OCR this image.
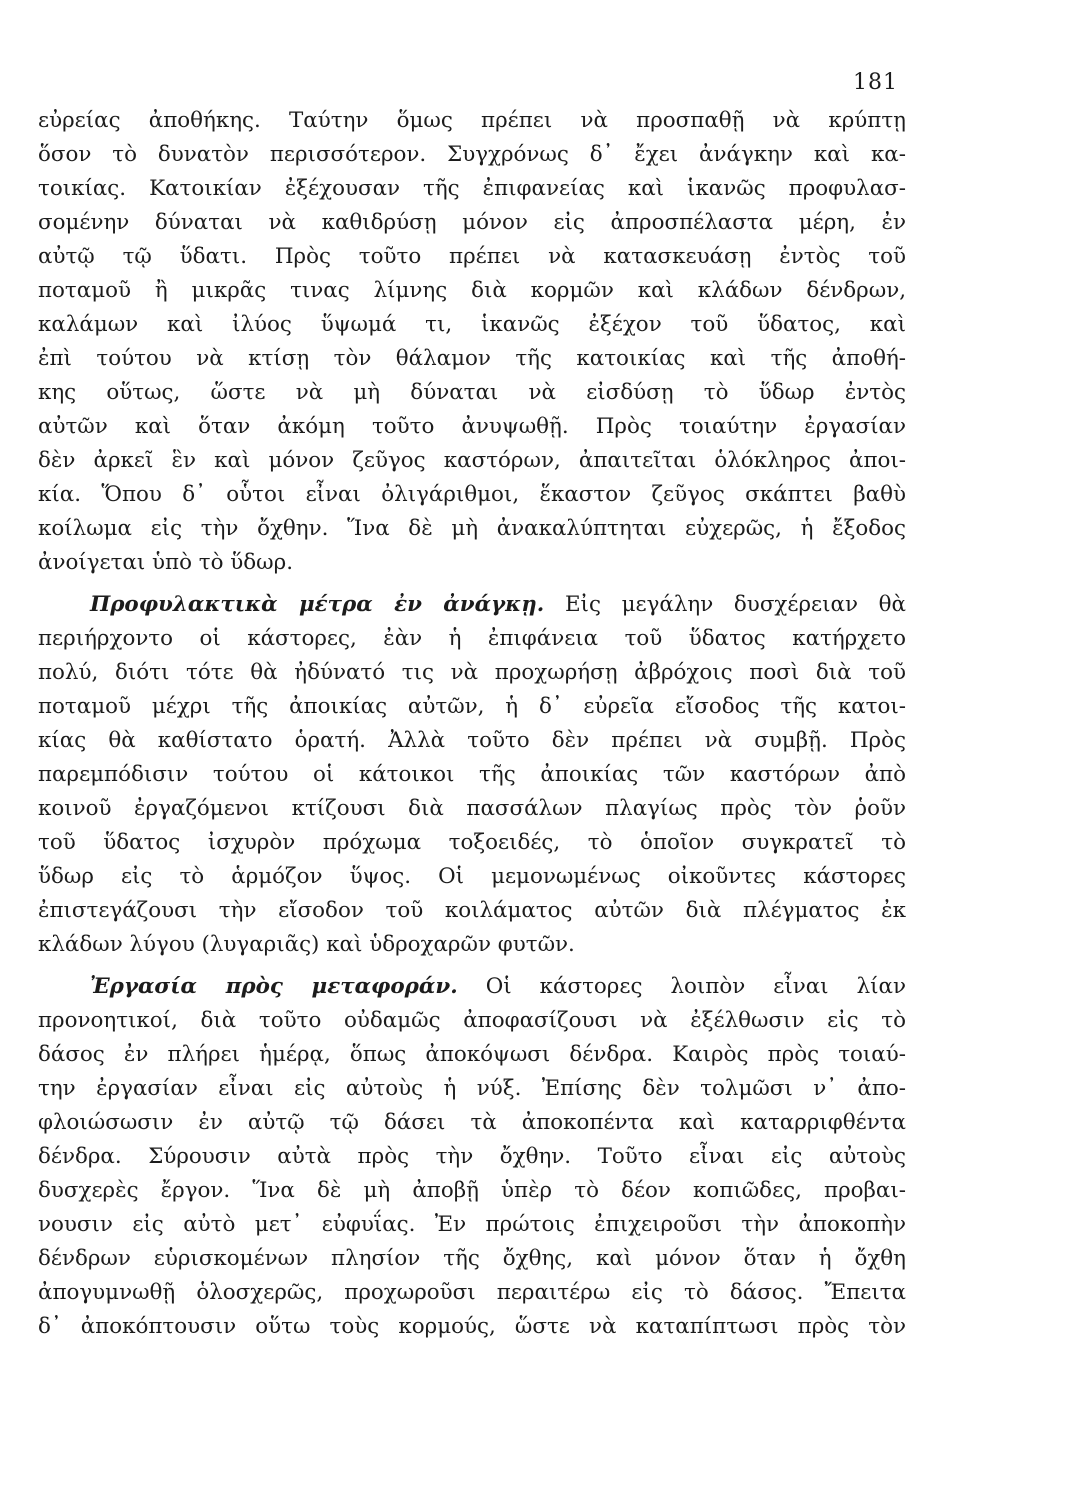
181
εὐρείας ἀποθήκης. Ταύτην ὅμως πρέπει νὰ προσπαθῇ νὰ κρύπτῃ
ὅσον τὸ δυνατὸν περισσότερον. Συγχρόνως δ᾽ ἔχει ἀνάγκην καὶ κα-
τοικίας. Κατοικίαν ἐξέχουσαν τῆς ἐπιφανείας καὶ ἱκανῶς προφυλασ-
σομένην δύναται νὰ καθιδρύσῃ μόνον εἰς ἀπροσπέλαστα μέρη, ἐν
αὐτῷ τῷ ὕδατι. Πρὸς τοῦτο πρέπει νὰ κατασκευάσῃ ἐντὸς τοῦ
ποταμοῦ ἢ μικρᾶς τινας λίμνης διὰ κορμῶν καὶ κλάδων δένδρων,
καλάμων καὶ ἰλύος ὕψωμά τι, ἱκανῶς ἐξέχον τοῦ ὕδατος, καὶ
ἐπὶ τούτου νὰ κτίσῃ τὸν θάλαμον τῆς κατοικίας καὶ τῆς ἀποθή-
κης οὕτως, ὥστε νὰ μὴ δύναται νὰ εἰσδύσῃ τὸ ὕδωρ ἐντὸς
αὐτῶν καὶ ὅταν ἀκόμη τοῦτο ἀνυψωθῇ. Πρὸς τοιαύτην ἐργασίαν
δὲν ἀρκεῖ ἓν καὶ μόνον ζεῦγος καστόρων, ἀπαιτεῖται ὁλόκληρος ἀποι-
κία. Ὅπου δ᾽ οὗτοι εἶναι ὀλιγάριθμοι, ἕκαστον ζεῦγος σκάπτει βαθὺ
κοίλωμα εἰς τὴν ὄχθην. Ἵνα δὲ μὴ ἀνακαλύπτηται εὐχερῶς, ἡ ἔξοδος
ἀνοίγεται ὑπὸ τὸ ὕδωρ.
Προφυλακτικὰ μέτρα ἐν ἀνάγκῃ. Εἰς μεγάλην δυσχέρειαν θὰ
περιήρχοντο οἱ κάστορες, ἐὰν ἡ ἐπιφάνεια τοῦ ὕδατος κατήρχετο
πολύ, διότι τότε θὰ ἠδύνατό τις νὰ προχωρήσῃ ἀβρόχοις ποσὶ διὰ τοῦ
ποταμοῦ μέχρι τῆς ἀποικίας αὐτῶν, ἡ δ᾽ εὐρεῖα εἴσοδος τῆς κατοι-
κίας θὰ καθίστατο ὁρατή. Ἀλλὰ τοῦτο δὲν πρέπει νὰ συμβῇ. Πρὸς
παρεμπόδισιν τούτου οἱ κάτοικοι τῆς ἀποικίας τῶν καστόρων ἀπὸ
κοινοῦ ἐργαζόμενοι κτίζουσι διὰ πασσάλων πλαγίως πρὸς τὸν ῥοῦν
τοῦ ὕδατος ἰσχυρὸν πρόχωμα τοξοειδές, τὸ ὁποῖον συγκρατεῖ τὸ
ὕδωρ εἰς τὸ ἁρμόζον ὕψος. Οἱ μεμονωμένως οἰκοῦντες κάστορες
ἐπιστεγάζουσι τὴν εἴσοδον τοῦ κοιλάματος αὐτῶν διὰ πλέγματος ἐκ
κλάδων λύγου (λυγαριᾶς) καὶ ὑδροχαρῶν φυτῶν.
Ἐργασία πρὸς μεταφοράν. Οἱ κάστορες λοιπὸν εἶναι λίαν
προνοητικοί, διὰ τοῦτο οὐδαμῶς ἀποφασίζουσι νὰ ἐξέλθωσιν εἰς τὸ
δάσος ἐν πλήρει ἡμέρᾳ, ὅπως ἀποκόψωσι δένδρα. Καιρὸς πρὸς τοιαύ-
την ἐργασίαν εἶναι εἰς αὐτοὺς ἡ νύξ. Ἐπίσης δὲν τολμῶσι ν᾽ ἀπο-
φλοιώσωσιν ἐν αὐτῷ τῷ δάσει τὰ ἀποκοπέντα καὶ καταρριφθέντα
δένδρα. Σύρουσιν αὐτὰ πρὸς τὴν ὄχθην. Τοῦτο εἶναι εἰς αὐτοὺς
δυσχερὲς ἔργον. Ἵνα δὲ μὴ ἀποβῇ ὑπὲρ τὸ δέον κοπιῶδες, προβαι-
νουσιν εἰς αὐτὸ μετ᾽ εὐφυΐας. Ἐν πρώτοις ἐπιχειροῦσι τὴν ἀποκοπὴν
δένδρων εὑρισκομένων πλησίον τῆς ὄχθης, καὶ μόνον ὅταν ἡ ὄχθη
ἀπογυμνωθῇ ὁλοσχερῶς, προχωροῦσι περαιτέρω εἰς τὸ δάσος. Ἔπειτα
δ᾽ ἀποκόπτουσιν οὕτω τοὺς κορμούς, ὥστε νὰ καταπίπτωσι πρὸς τὸν
